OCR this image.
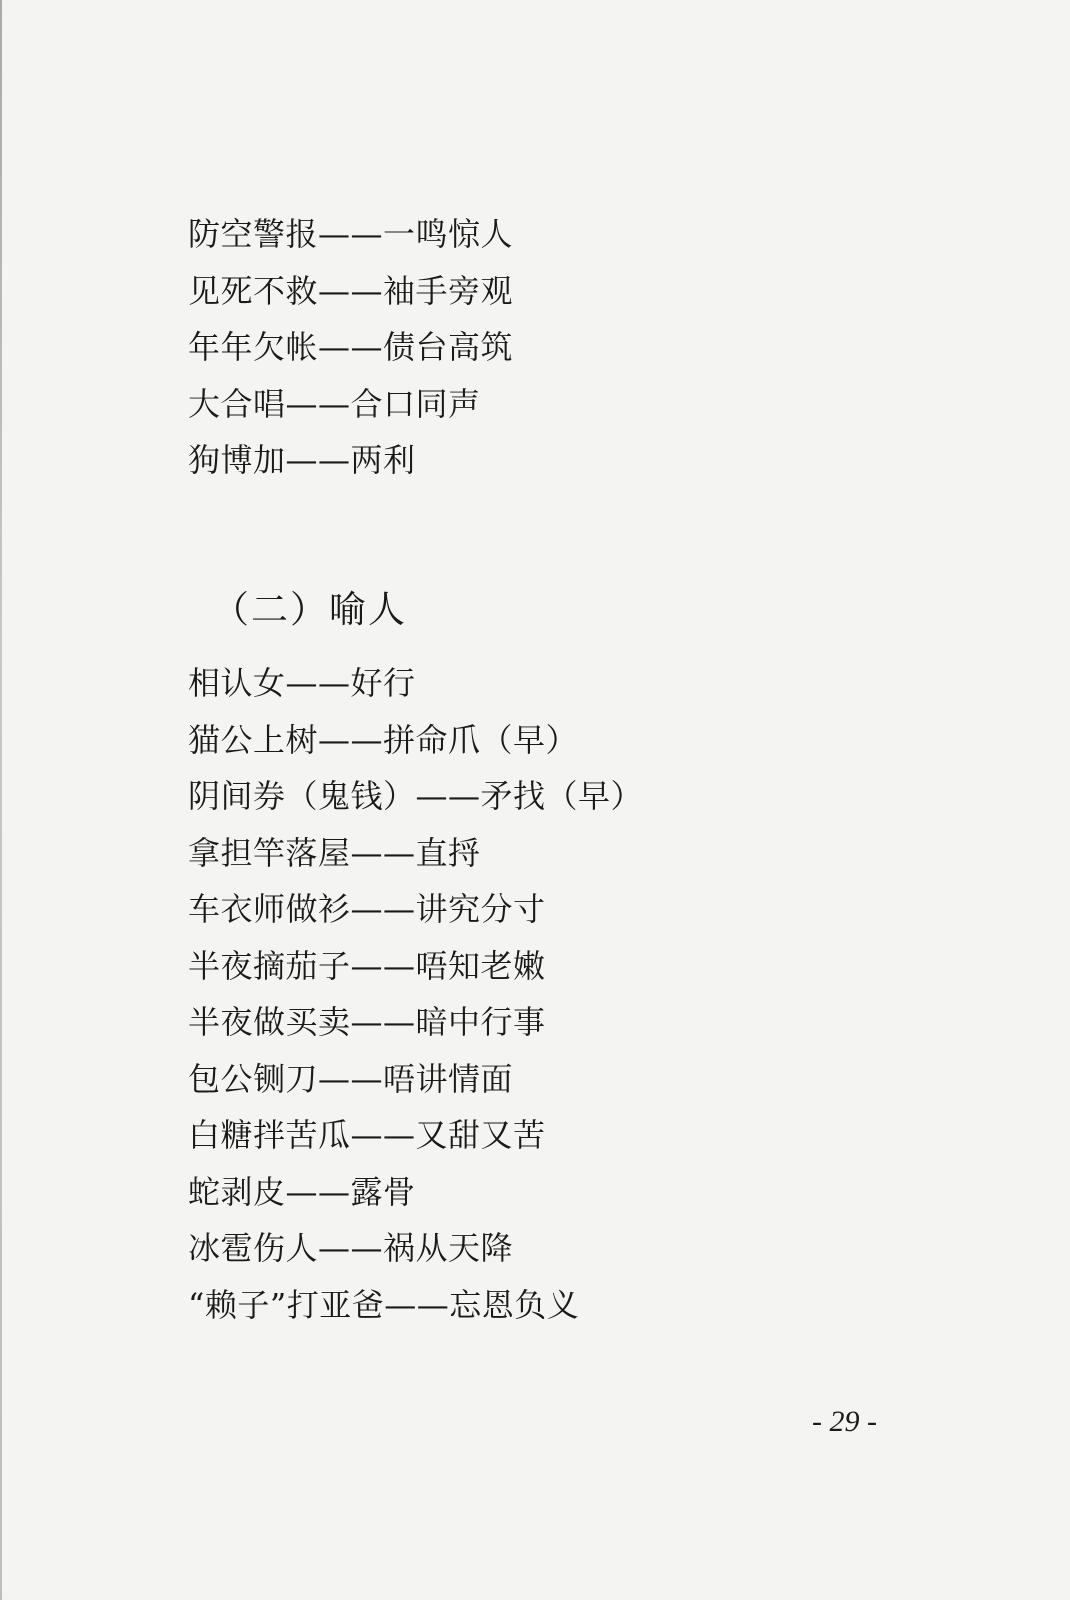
防空警报——一鸣惊人
见死不救——袖手旁观
年年欠帐——债台高筑
大合唱——合口同声
狗博加——两利
（二）喻人
相认女——好行
猫公上树——拼命爪（早）
阴间券（鬼钱）——矛找（早）
拿担竿落屋——直捋
车衣师做衫——讲究分寸
半夜摘茄子——唔知老嫩
半夜做买卖——暗中行事
包公铡刀——唔讲情面
白糖拌苦瓜——又甜又苦
蛇剥皮——露骨
冰雹伤人——祸从天降
“赖子”打亚爸——忘恩负义
- 29 -
